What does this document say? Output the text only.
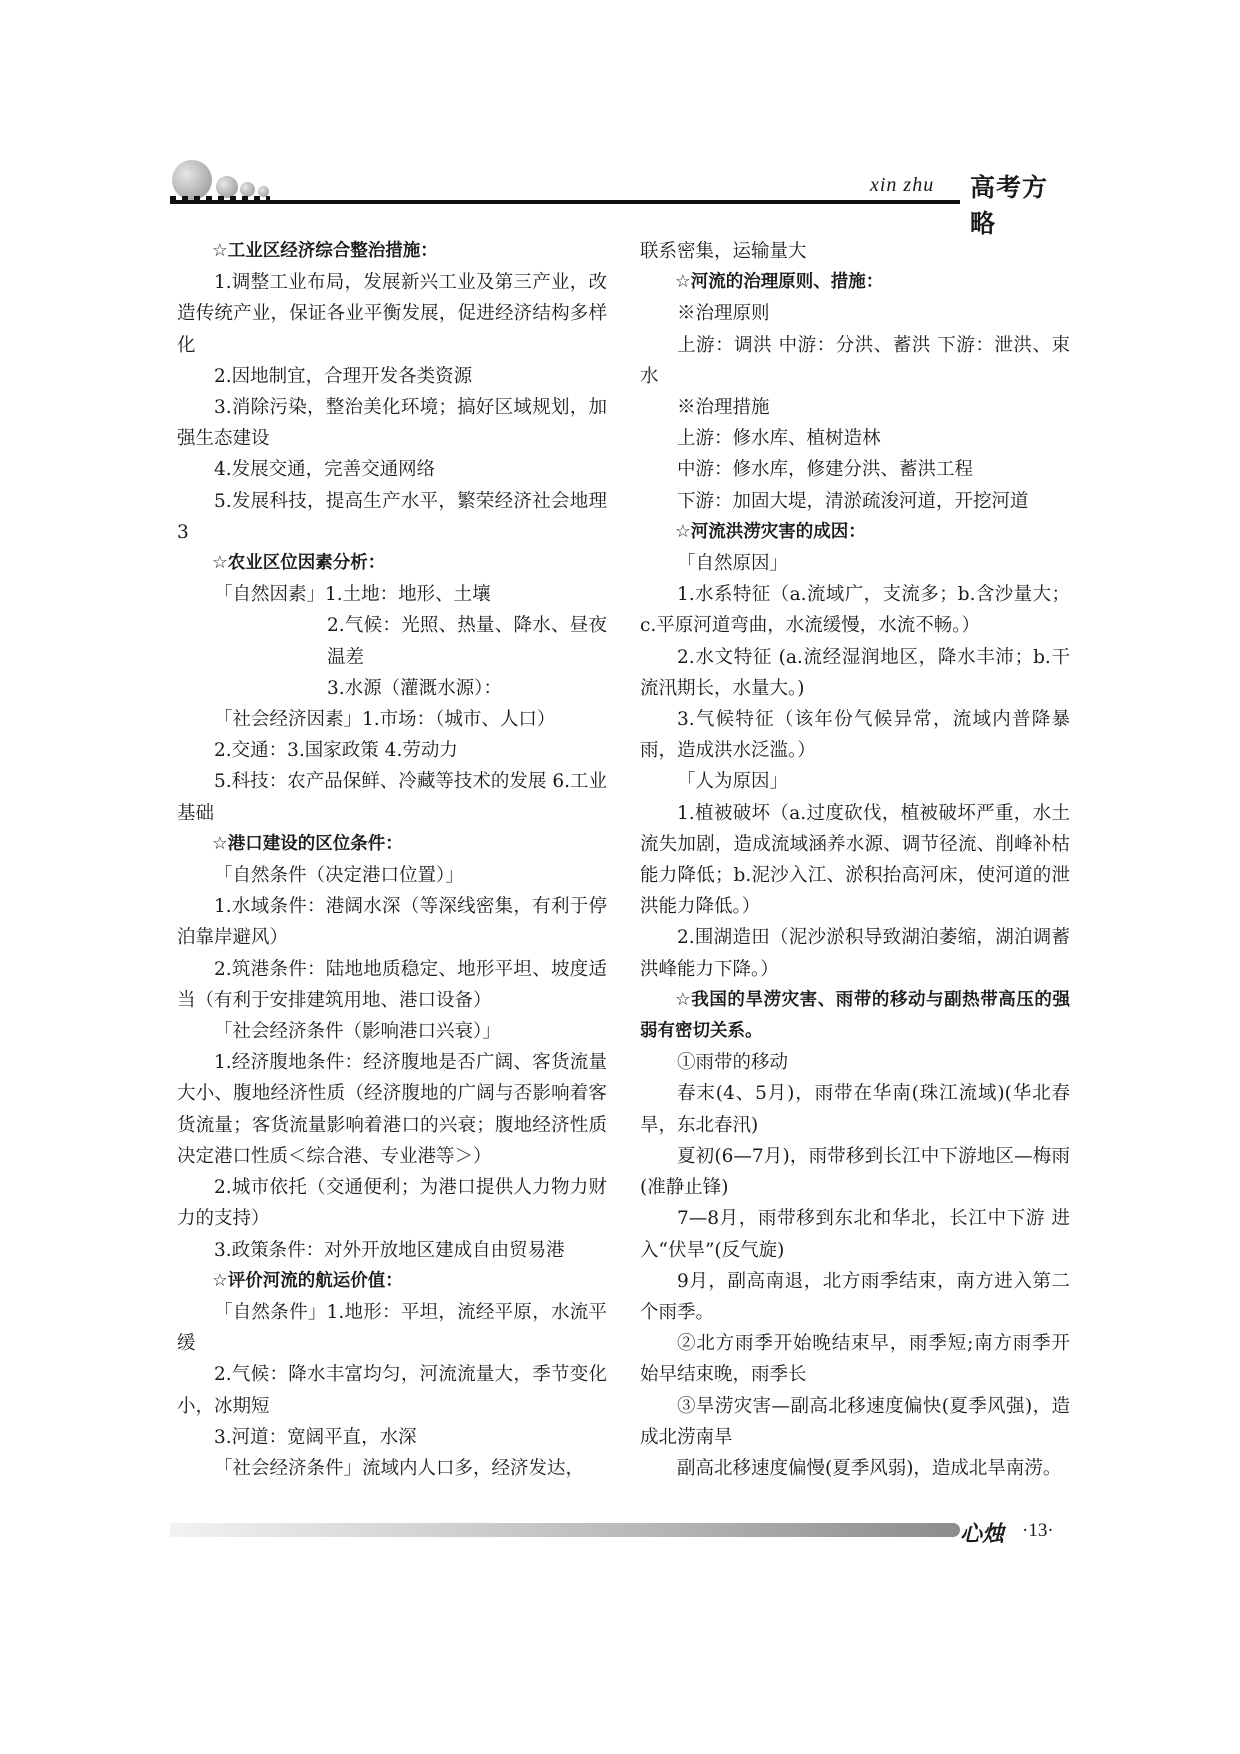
xin zhu 高考方略

☆工业区经济综合整治措施：

1.调整工业布局，发展新兴工业及第三产业，改造传统产业，保证各业平衡发展，促进经济结构多样化

2.因地制宜，合理开发各类资源

3.消除污染，整治美化环境；搞好区域规划，加强生态建设

4.发展交通，完善交通网络

5.发展科技，提高生产水平，繁荣经济社会地理3

☆农业区位因素分析：

「自然因素」1.土地：地形、土壤

2.气候：光照、热量、降水、昼夜温差

3.水源（灌溉水源）：

「社会经济因素」1.市场：（城市、人口）

2.交通：3.国家政策 4.劳动力

5.科技：农产品保鲜、冷藏等技术的发展 6.工业基础

☆港口建设的区位条件：

「自然条件（决定港口位置）」

1.水域条件：港阔水深（等深线密集，有利于停泊靠岸避风）

2.筑港条件：陆地地质稳定、地形平坦、坡度适当（有利于安排建筑用地、港口设备）

「社会经济条件（影响港口兴衰）」

1.经济腹地条件：经济腹地是否广阔、客货流量大小、腹地经济性质（经济腹地的广阔与否影响着客货流量；客货流量影响着港口的兴衰；腹地经济性质决定港口性质＜综合港、专业港等＞）

2.城市依托（交通便利；为港口提供人力物力财力的支持）

3.政策条件：对外开放地区建成自由贸易港

☆评价河流的航运价值：

「自然条件」1.地形：平坦，流经平原，水流平缓

2.气候：降水丰富均匀，河流流量大，季节变化小，冰期短

3.河道：宽阔平直，水深

「社会经济条件」流域内人口多，经济发达，

联系密集，运输量大

☆河流的治理原则、措施：

※治理原则

上游：调洪 中游：分洪、蓄洪 下游：泄洪、束水

※治理措施

上游：修水库、植树造林

中游：修水库，修建分洪、蓄洪工程

下游：加固大堤，清淤疏浚河道，开挖河道

☆河流洪涝灾害的成因：

「自然原因」

1.水系特征（a.流域广，支流多；b.含沙量大；c.平原河道弯曲，水流缓慢，水流不畅。）

2.水文特征 (a.流经湿润地区，降水丰沛；b.干流汛期长，水量大。)

3.气候特征（该年份气候异常，流域内普降暴雨，造成洪水泛滥。）

「人为原因」

1.植被破坏（a.过度砍伐，植被破坏严重，水土流失加剧，造成流域涵养水源、调节径流、削峰补枯能力降低；b.泥沙入江、淤积抬高河床，使河道的泄洪能力降低。）

2.围湖造田（泥沙淤积导致湖泊萎缩，湖泊调蓄洪峰能力下降。）

☆我国的旱涝灾害、雨带的移动与副热带高压的强弱有密切关系。

①雨带的移动

春末(4、5月)，雨带在华南(珠江流域)(华北春旱，东北春汛)

夏初(6—7月)，雨带移到长江中下游地区—梅雨(准静止锋)

7—8月，雨带移到东北和华北，长江中下游 进入“伏旱”(反气旋)

9月，副高南退，北方雨季结束，南方进入第二个雨季。

②北方雨季开始晚结束早，雨季短;南方雨季开始早结束晚，雨季长

③旱涝灾害—副高北移速度偏快(夏季风强)，造成北涝南旱

副高北移速度偏慢(夏季风弱)，造成北旱南涝。

心烛 ·13·
